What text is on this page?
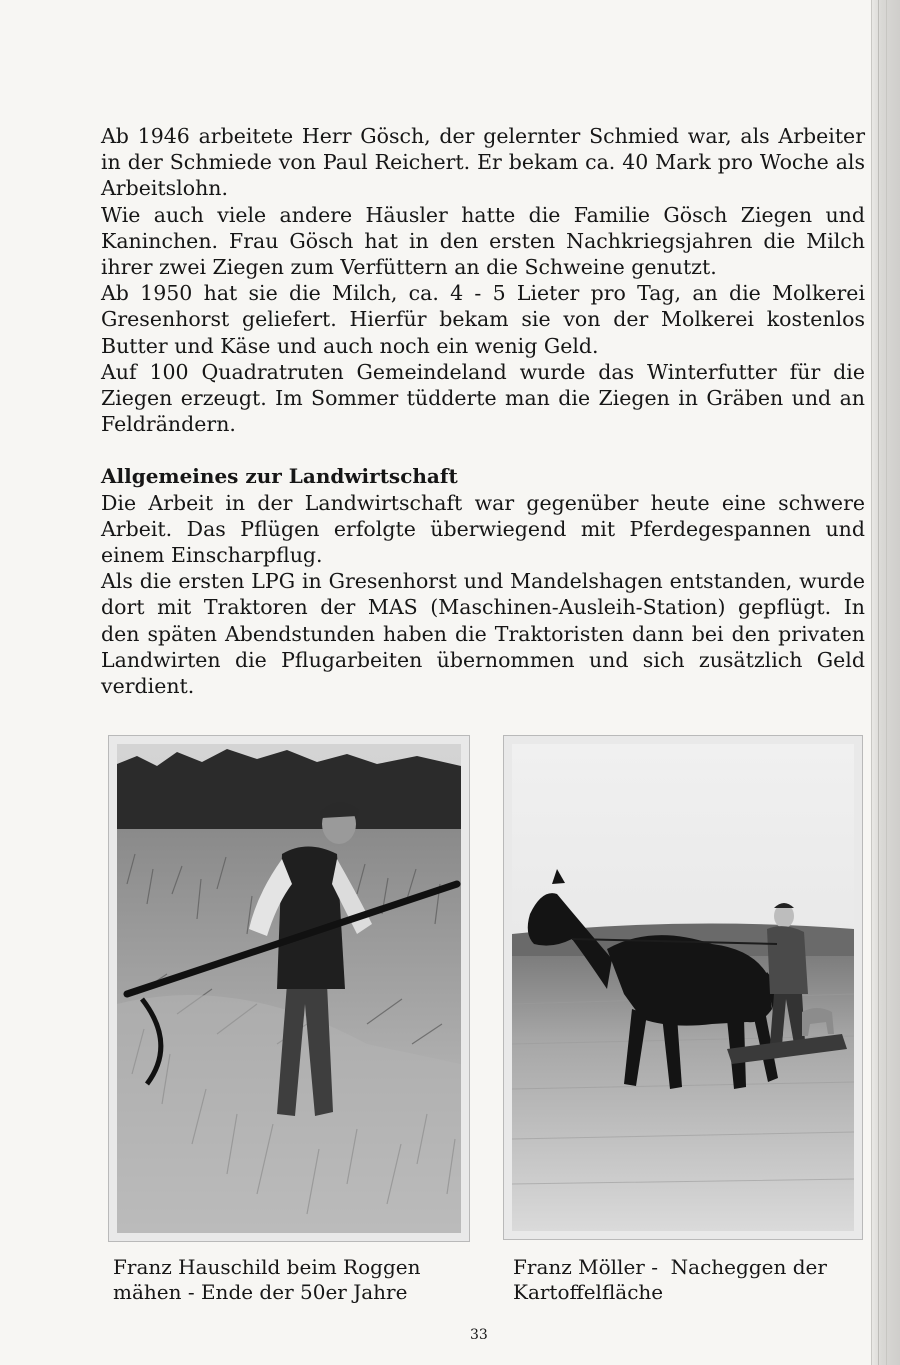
Ab 1946 arbeitete Herr Gösch, der gelernter Schmied war, als Arbeiter in der Schmiede von Paul Reichert. Er bekam ca. 40 Mark pro Woche als Arbeitslohn.

Wie auch viele andere Häusler hatte die Familie Gösch Ziegen und Kaninchen. Frau Gösch hat in den ersten Nachkriegsjahren die Milch ihrer zwei Ziegen zum Verfüttern an die Schweine genutzt.

Ab 1950 hat sie die Milch, ca. 4 - 5 Lieter pro Tag, an die Molkerei Gresenhorst geliefert. Hierfür bekam sie von der Molkerei kostenlos Butter und Käse und auch noch ein wenig Geld.

Auf 100 Quadratruten Gemeindeland wurde das Winterfutter für die Ziegen erzeugt. Im Sommer tüdderte man die Ziegen in Gräben und an Feldrändern.

Allgemeines zur Landwirtschaft

Die Arbeit in der Landwirtschaft war gegenüber heute eine schwere Arbeit. Das Pflügen erfolgte überwiegend mit Pferdegespannen und einem Einscharpflug.

Als die ersten LPG in Gresenhorst und Mandelshagen entstanden, wurde dort mit Traktoren der MAS (Maschinen-Ausleih-Station) gepflügt. In den späten Abendstunden haben die Traktoristen dann bei den privaten Landwirten die Pflugarbeiten übernommen und sich zusätzlich Geld verdient.

Franz Hauschild beim Roggen
mähen - Ende der 50er Jahre
Franz Möller -  Nacheggen der
Kartoffelfläche
33
